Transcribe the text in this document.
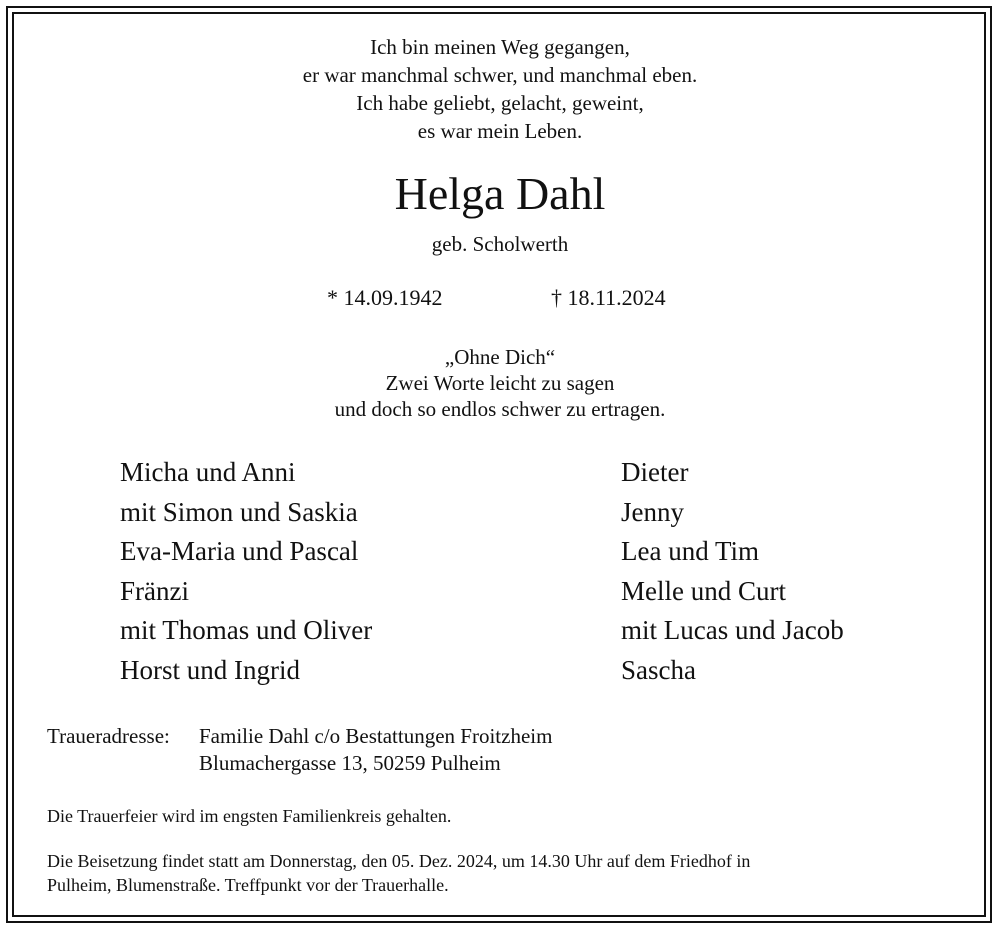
Ich bin meinen Weg gegangen,
er war manchmal schwer, und manchmal eben.
Ich habe geliebt, gelacht, geweint,
es war mein Leben.
Helga Dahl
geb. Scholwerth
* 14.09.1942	† 18.11.2024
„Ohne Dich“
Zwei Worte leicht zu sagen
und doch so endlos schwer zu ertragen.
Micha und Anni
mit Simon und Saskia
Eva-Maria und Pascal
Fränzi
mit Thomas und Oliver
Horst und Ingrid
Dieter
Jenny
Lea und Tim
Melle und Curt
mit Lucas und Jacob
Sascha
Traueradresse: Familie Dahl c/o Bestattungen Froitzheim
Blumachergasse 13, 50259 Pulheim
Die Trauerfeier wird im engsten Familienkreis gehalten.
Die Beisetzung findet statt am Donnerstag, den 05. Dez. 2024, um 14.30 Uhr auf dem Friedhof in
Pulheim, Blumenstraße. Treffpunkt vor der Trauerhalle.
